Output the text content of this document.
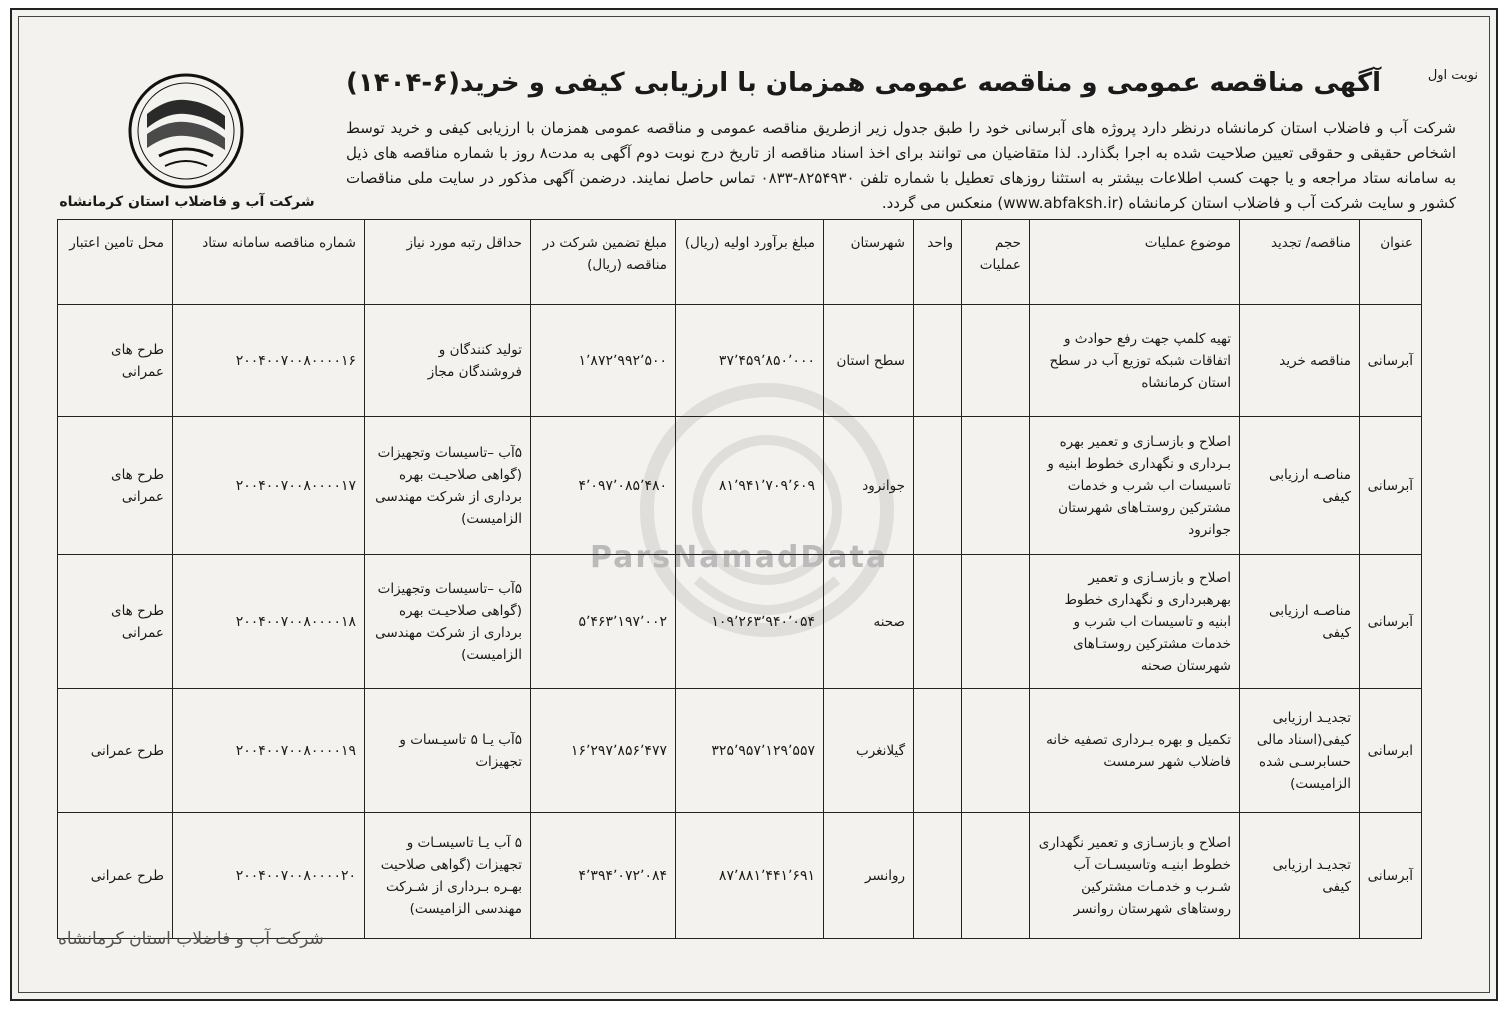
نوبت اول
آگهی مناقصه عمومی و مناقصه عمومی همزمان با ارزیابی کیفی و خرید(۶-۱۴۰۴)
شرکت آب و فاضلاب استان کرمانشاه
شرکت آب و فاضلاب استان کرمانشاه درنظر دارد پروژه های آبرسانی خود را طبق جدول زیر ازطریق مناقصه عمومی و مناقصه عمومی همزمان با ارزیابی کیفی و خرید توسط اشخاص حقیقی و حقوقی تعیین صلاحیت شده به اجرا بگذارد. لذا متقاضیان می توانند برای اخذ اسناد مناقصه از تاریخ درج نوبت دوم آگهی به مدت۸ روز با شماره مناقصه های ذیل به سامانه ستاد مراجعه و یا جهت کسب اطلاعات بیشتر به استثنا روزهای تعطیل با شماره تلفن ۸۲۵۴۹۳۰-۰۸۳۳ تماس حاصل نمایند. درضمن آگهی مذکور در سایت ملی مناقصات کشور و سایت شرکت آب و فاضلاب استان کرمانشاه (www.abfaksh.ir) منعکس می گردد.
ParsNamadData
عنوان	مناقصه/ تجدید	موضوع عملیات	حجم عملیات	واحد	شهرستان	مبلغ برآورد اولیه (ریال)	مبلغ تضمین شرکت در مناقصه (ریال)	حداقل رتبه مورد نیاز	شماره مناقصه سامانه ستاد	محل تامین اعتبار
آبرسانی	مناقصه خرید	تهیه کلمپ جهت رفع حوادث و اتفاقات شبکه توزیع آب در سطح استان کرمانشاه			سطح استان	۳۷٬۴۵۹٬۸۵۰٬۰۰۰	۱٬۸۷۲٬۹۹۲٬۵۰۰	تولید کنندگان و فروشندگان مجاز	۲۰۰۴۰۰۷۰۰۸۰۰۰۰۱۶	طرح های عمرانی
آبرسانی	مناصـه ارزیابی کیفی	اصلاح و بازسـازی و تعمیر بهره بـرداری و نگهداری خطوط ابنیه و تاسیسات اب شرب و خدمات مشترکین روستـاهای شهرستان جوانرود			جوانرود	۸۱٬۹۴۱٬۷۰۹٬۶۰۹	۴٬۰۹۷٬۰۸۵٬۴۸۰	۵آب –تاسیسات وتجهیزات (گواهی صلاحیـت بهره برداری از شرکت مهندسی الزامیست)	۲۰۰۴۰۰۷۰۰۸۰۰۰۰۱۷	طرح های عمرانی
آبرسانی	مناصـه ارزیابی کیفی	اصلاح و بازسـازی و تعمیر بهرهبرداری و نگهداری خطوط ابنیه و تاسیسات اب شرب و خدمات مشترکین روستـاهای شهرستان صحنه			صحنه	۱۰۹٬۲۶۳٬۹۴۰٬۰۵۴	۵٬۴۶۳٬۱۹۷٬۰۰۲	۵آب –تاسیسات وتجهیزات (گواهی صلاحیـت بهره برداری از شرکت مهندسی الزامیست)	۲۰۰۴۰۰۷۰۰۸۰۰۰۰۱۸	طرح های عمرانی
ابرسانی	تجدیـد ارزیابی کیفی(اسناد مالی حسابرسـی شده الزامیست)	تکمیل و بهره بـرداری تصفیه خانه فاضلاب شهر سرمست			گیلانغرب	۳۲۵٬۹۵۷٬۱۲۹٬۵۵۷	۱۶٬۲۹۷٬۸۵۶٬۴۷۷	۵آب یـا ۵ تاسیـسات و تجهیزات	۲۰۰۴۰۰۷۰۰۸۰۰۰۰۱۹	طرح عمرانی
آبرسانی	تجدیـد ارزیابی کیفی	اصلاح و بازسـازی و تعمیر نگهداری خطوط ابنیـه وتاسیسـات آب شـرب و خدمـات مشترکین روستاهای شهرستان روانسر			روانسر	۸۷٬۸۸۱٬۴۴۱٬۶۹۱	۴٬۳۹۴٬۰۷۲٬۰۸۴	۵ آب یـا تاسیسـات و تجهیزات (گواهی صلاحیت بهـره بـرداری از شـرکت مهندسی الزامیست)	۲۰۰۴۰۰۷۰۰۸۰۰۰۰۲۰	طرح عمرانی
شرکت آب و فاضلاب استان کرمانشاه
